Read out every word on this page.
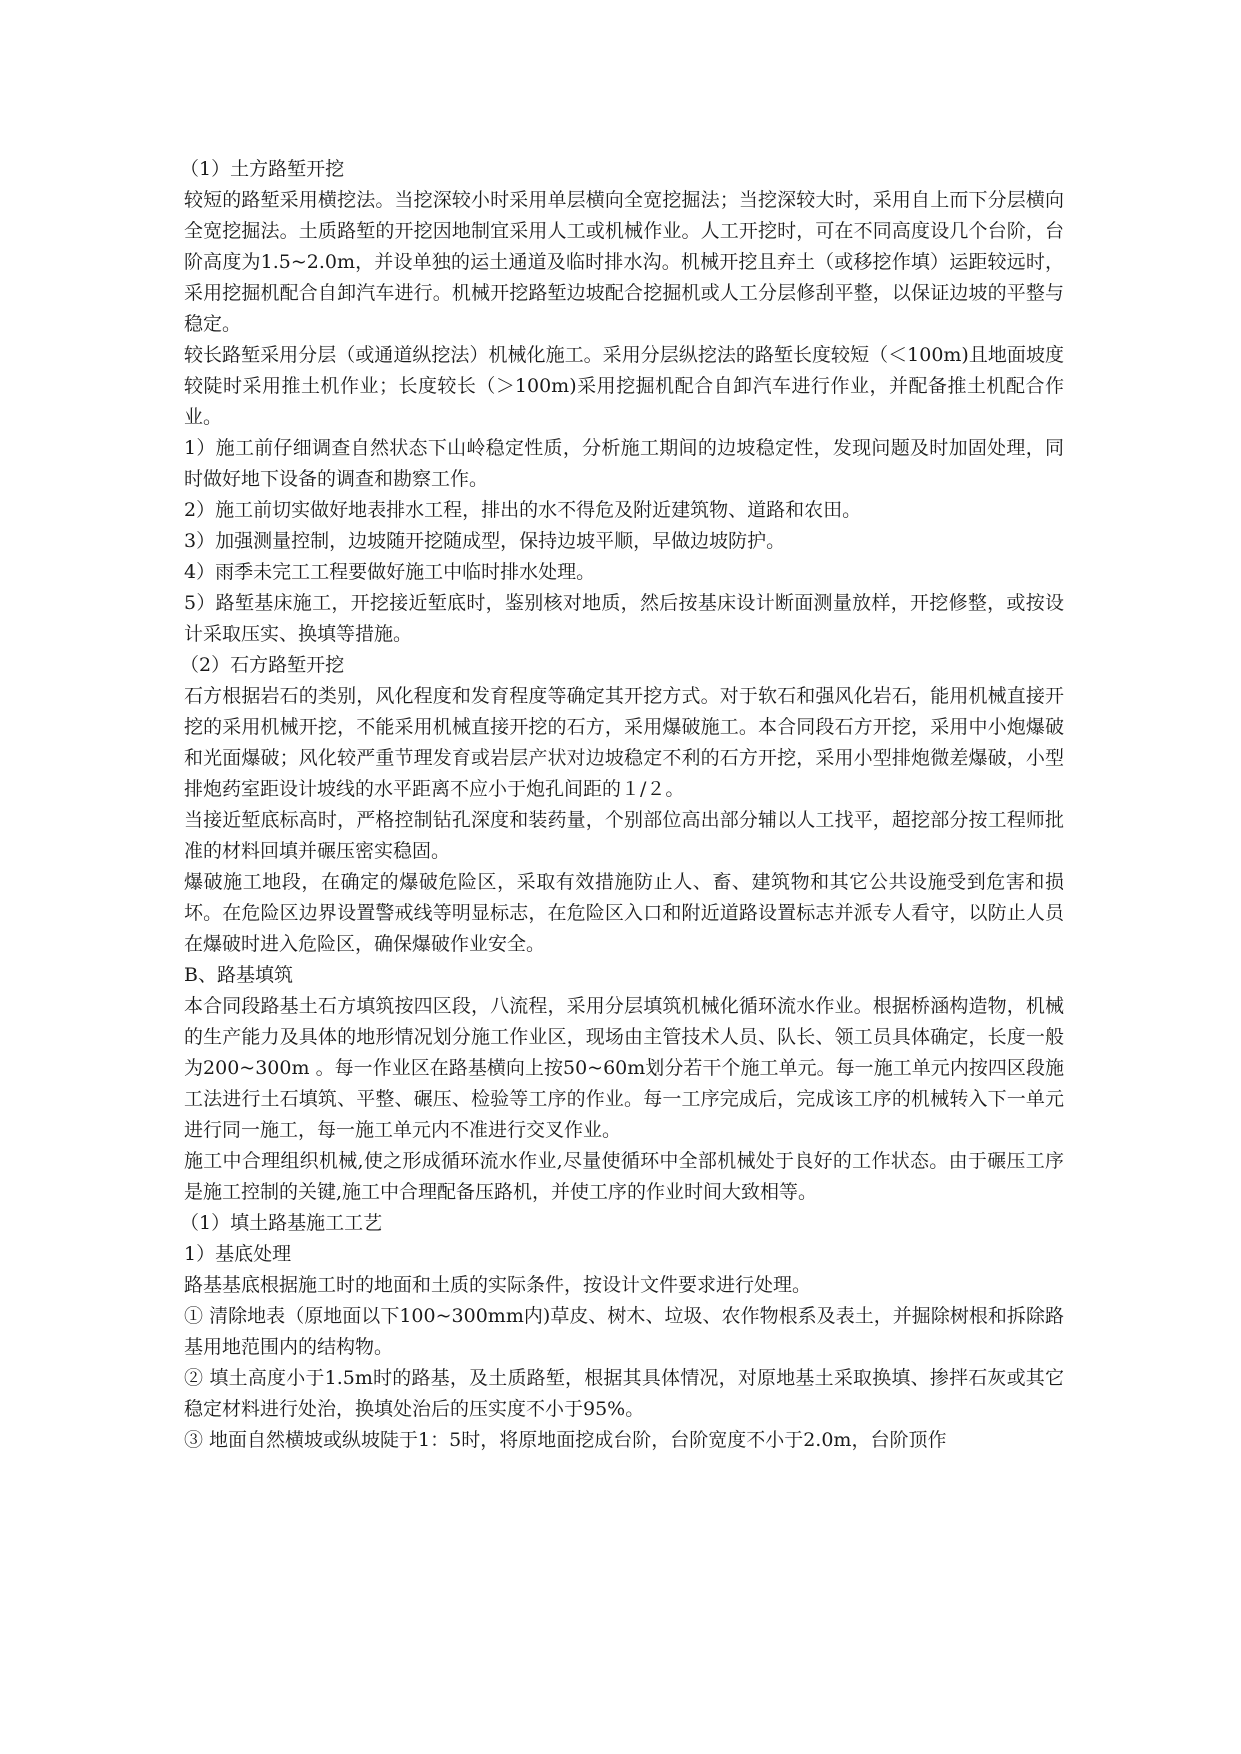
（1）土方路堑开挖

较短的路堑采用横挖法。当挖深较小时采用单层横向全宽挖掘法；当挖深较大时，采用自上而下分层横向全宽挖掘法。土质路堑的开挖因地制宜采用人工或机械作业。人工开挖时，可在不同高度设几个台阶，台阶高度为1.5~2.0m，并设单独的运土通道及临时排水沟。机械开挖且弃土（或移挖作填）运距较远时，采用挖掘机配合自卸汽车进行。机械开挖路堑边坡配合挖掘机或人工分层修刮平整，以保证边坡的平整与稳定。

较长路堑采用分层（或通道纵挖法）机械化施工。采用分层纵挖法的路堑长度较短（＜100m)且地面坡度较陡时采用推土机作业；长度较长（＞100m)采用挖掘机配合自卸汽车进行作业，并配备推土机配合作业。

1）施工前仔细调查自然状态下山岭稳定性质，分析施工期间的边坡稳定性，发现问题及时加固处理，同时做好地下设备的调查和勘察工作。

2）施工前切实做好地表排水工程，排出的水不得危及附近建筑物、道路和农田。

3）加强测量控制，边坡随开挖随成型，保持边坡平顺，早做边坡防护。

4）雨季未完工工程要做好施工中临时排水处理。

5）路堑基床施工，开挖接近堑底时，鉴别核对地质，然后按基床设计断面测量放样，开挖修整，或按设计采取压实、换填等措施。

（2）石方路堑开挖

石方根据岩石的类别，风化程度和发育程度等确定其开挖方式。对于软石和强风化岩石，能用机械直接开挖的采用机械开挖，不能采用机械直接开挖的石方，采用爆破施工。本合同段石方开挖，采用中小炮爆破和光面爆破；风化较严重节理发育或岩层产状对边坡稳定不利的石方开挖，采用小型排炮微差爆破，小型排炮药室距设计坡线的水平距离不应小于炮孔间距的１/２。

当接近堑底标高时，严格控制钻孔深度和装药量，个别部位高出部分辅以人工找平，超挖部分按工程师批准的材料回填并碾压密实稳固。

爆破施工地段，在确定的爆破危险区，采取有效措施防止人、畜、建筑物和其它公共设施受到危害和损坏。在危险区边界设置警戒线等明显标志，在危险区入口和附近道路设置标志并派专人看守，以防止人员在爆破时进入危险区，确保爆破作业安全。

B、路基填筑

本合同段路基土石方填筑按四区段，八流程，采用分层填筑机械化循环流水作业。根据桥涵构造物，机械的生产能力及具体的地形情况划分施工作业区，现场由主管技术人员、队长、领工员具体确定，长度一般为200~300m 。每一作业区在路基横向上按50~60m划分若干个施工单元。每一施工单元内按四区段施工法进行土石填筑、平整、碾压、检验等工序的作业。每一工序完成后，完成该工序的机械转入下一单元进行同一施工，每一施工单元内不准进行交叉作业。

施工中合理组织机械,使之形成循环流水作业,尽量使循环中全部机械处于良好的工作状态。由于碾压工序是施工控制的关键,施工中合理配备压路机，并使工序的作业时间大致相等。

（1）填土路基施工工艺

1）基底处理

路基基底根据施工时的地面和土质的实际条件，按设计文件要求进行处理。

① 清除地表（原地面以下100~300mm内)草皮、树木、垃圾、农作物根系及表土，并掘除树根和拆除路基用地范围内的结构物。

② 填土高度小于1.5m时的路基，及土质路堑，根据其具体情况，对原地基土采取换填、掺拌石灰或其它稳定材料进行处治，换填处治后的压实度不小于95%。

③ 地面自然横坡或纵坡陡于1：5时，将原地面挖成台阶，台阶宽度不小于2.0m，台阶顶作
